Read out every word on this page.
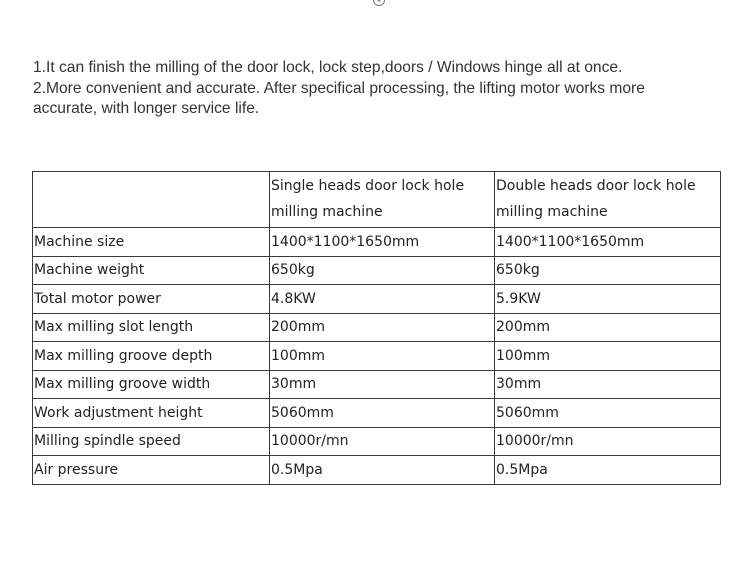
1.It can finish the milling of the door lock, lock step,doors / Windows hinge all at once.

2.More convenient and accurate. After specifical processing, the lifting motor works more

accurate, with longer service life.

	Single heads door lock hole
milling machine	Double heads door lock hole
milling machine
Machine size	1400*1100*1650mm	1400*1100*1650mm
Machine weight	650kg	650kg
Total motor power	4.8KW	5.9KW
Max milling slot length	200mm	200mm
Max milling groove depth	100mm	100mm
Max milling groove width	30mm	30mm
Work adjustment height	5060mm	5060mm
Milling spindle speed	10000r/mn	10000r/mn
Air pressure	0.5Mpa	0.5Mpa
